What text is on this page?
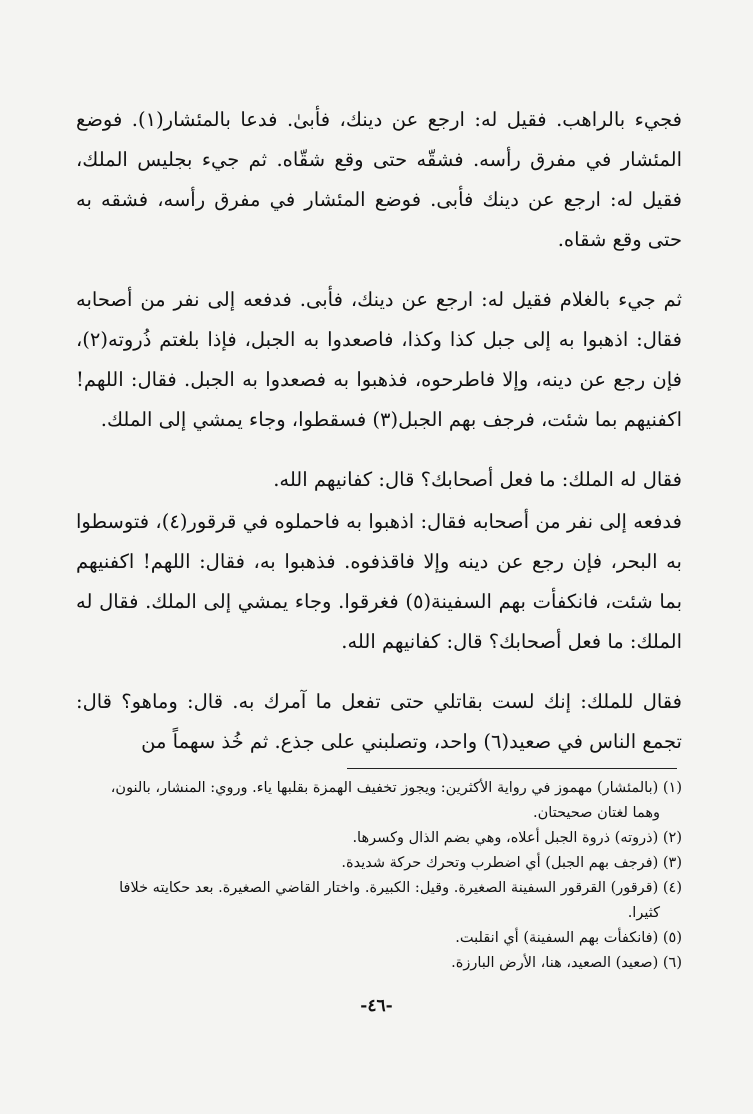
فجيء بالراهب. فقيل له: ارجع عن دينك، فأبىٰ. فدعا بالمئشار(١). فوضع المئشار في مفرق رأسه. فشقّه حتى وقع شقّاه. ثم جيء بجليس الملك، فقيل له: ارجع عن دينك فأبى. فوضع المئشار في مفرق رأسه، فشقه به حتى وقع شقاه.

ثم جيء بالغلام فقيل له: ارجع عن دينك، فأبى. فدفعه إلى نفر من أصحابه فقال: اذهبوا به إلى جبل كذا وكذا، فاصعدوا به الجبل، فإذا بلغتم ذُروته(٢)، فإن رجع عن دينه، وإلا فاطرحوه، فذهبوا به فصعدوا به الجبل. فقال: اللهم! اكفنيهم بما شئت، فرجف بهم الجبل(٣) فسقطوا، وجاء يمشي إلى الملك.

فقال له الملك: ما فعل أصحابك؟ قال: كفانيهم الله.

فدفعه إلى نفر من أصحابه فقال: اذهبوا به فاحملوه في قرقور(٤)، فتوسطوا به البحر، فإن رجع عن دينه وإلا فاقذفوه. فذهبوا به، فقال: اللهم! اكفنيهم بما شئت، فانكفأت بهم السفينة(٥) فغرقوا. وجاء يمشي إلى الملك. فقال له الملك: ما فعل أصحابك؟ قال: كفانيهم الله.

فقال للملك: إنك لست بقاتلي حتى تفعل ما آمرك به. قال: وماهو؟ قال: تجمع الناس في صعيد(٦) واحد، وتصلبني على جذع. ثم خُذ سهماً من

(١) (بالمئشار) مهموز في رواية الأكثرين: ويجوز تخفيف الهمزة بقلبها ياء. وروي: المنشار، بالنون،

وهما لغتان صحيحتان.

(٢) (ذروته) ذروة الجبل أعلاه، وهي بضم الذال وكسرها.

(٣) (فرجف بهم الجبل) أي اضطرب وتحرك حركة شديدة.

(٤) (قرقور) القرقور السفينة الصغيرة. وقيل: الكبيرة. واختار القاضي الصغيرة. بعد حكايته خلافا

كثيرا.

(٥) (فانكفأت بهم السفينة) أي انقلبت.

(٦) (صعيد) الصعيد، هنا، الأرض البارزة.

-٤٦-
